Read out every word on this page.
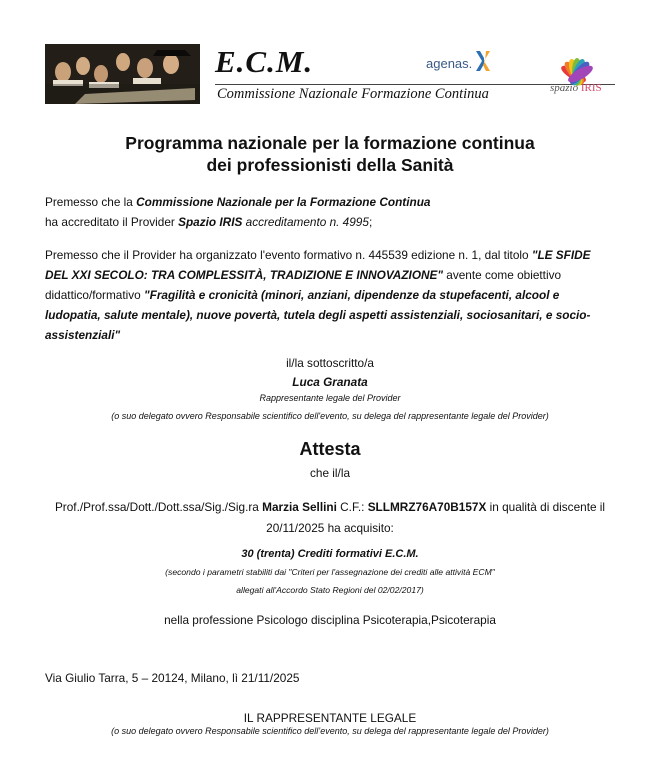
E.C.M.
Commissione Nazionale Formazione Continua
agenas.
spazio IRIS
Programma nazionale per la formazione continua
dei professionisti della Sanità
Premesso che la Commissione Nazionale per la Formazione Continua
ha accreditato il Provider Spazio IRIS accreditamento n. 4995;
Premesso che il Provider ha organizzato l'evento formativo n. 445539 edizione n. 1, dal titolo "LE SFIDE DEL XXI SECOLO: TRA COMPLESSITÀ, TRADIZIONE E INNOVAZIONE" avente come obiettivo didattico/formativo "Fragilità e cronicità (minori, anziani, dipendenze da stupefacenti, alcool e ludopatia, salute mentale), nuove povertà, tutela degli aspetti assistenziali, sociosanitari, e socio-assistenziali"
il/la sottoscritto/a
Luca Granata
Rappresentante legale del Provider
(o suo delegato ovvero Responsabile scientifico dell'evento, su delega del rappresentante legale del Provider)
Attesta
che il/la
Prof./Prof.ssa/Dott./Dott.ssa/Sig./Sig.ra Marzia Sellini C.F.: SLLMRZ76A70B157X in qualità di discente il 20/11/2025 ha acquisito:
30 (trenta) Crediti formativi E.C.M.
(secondo i parametri stabiliti dai "Criteri per l'assegnazione dei crediti alle attività ECM"
allegati all'Accordo Stato Regioni del 02/02/2017)
nella professione Psicologo disciplina Psicoterapia,Psicoterapia
Via Giulio Tarra, 5 – 20124, Milano, lì 21/11/2025
IL RAPPRESENTANTE LEGALE
(o suo delegato ovvero Responsabile scientifico dell’evento, su delega del rappresentante legale del Provider)
